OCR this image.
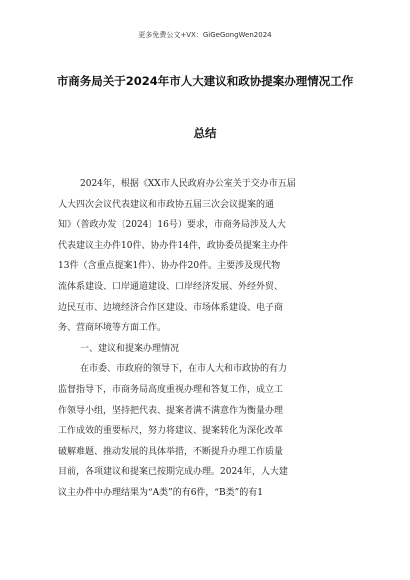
更多免费公文+VX：GiGeGongWen2024
市商务局关于2024年市人大建议和政协提案办理情况工作
总结
2024年，根据《XX市人民政府办公室关于交办市五届
人大四次会议代表建议和市政协五届三次会议提案的通
知》（普政办发〔2024〕16号）要求，市商务局涉及人大
代表建议主办件10件、协办件14件，政协委员提案主办件
13件（含重点提案1件）、协办件20件。主要涉及现代物
流体系建设、口岸通道建设、口岸经济发展、外经外贸、
边民互市、边境经济合作区建设、市场体系建设、电子商
务、营商环境等方面工作。
一、建议和提案办理情况
在市委、市政府的领导下，在市人大和市政协的有力
监督指导下，市商务局高度重视办理和答复工作，成立工
作领导小组，坚持把代表、提案者满不满意作为衡量办理
工作成效的重要标尺，努力将建议、提案转化为深化改革
破解难题、推动发展的具体举措，不断提升办理工作质量
目前，各项建议和提案已按期完成办理。2024年，人大建
议主办件中办理结果为“A类”的有6件，“B类”的有1
